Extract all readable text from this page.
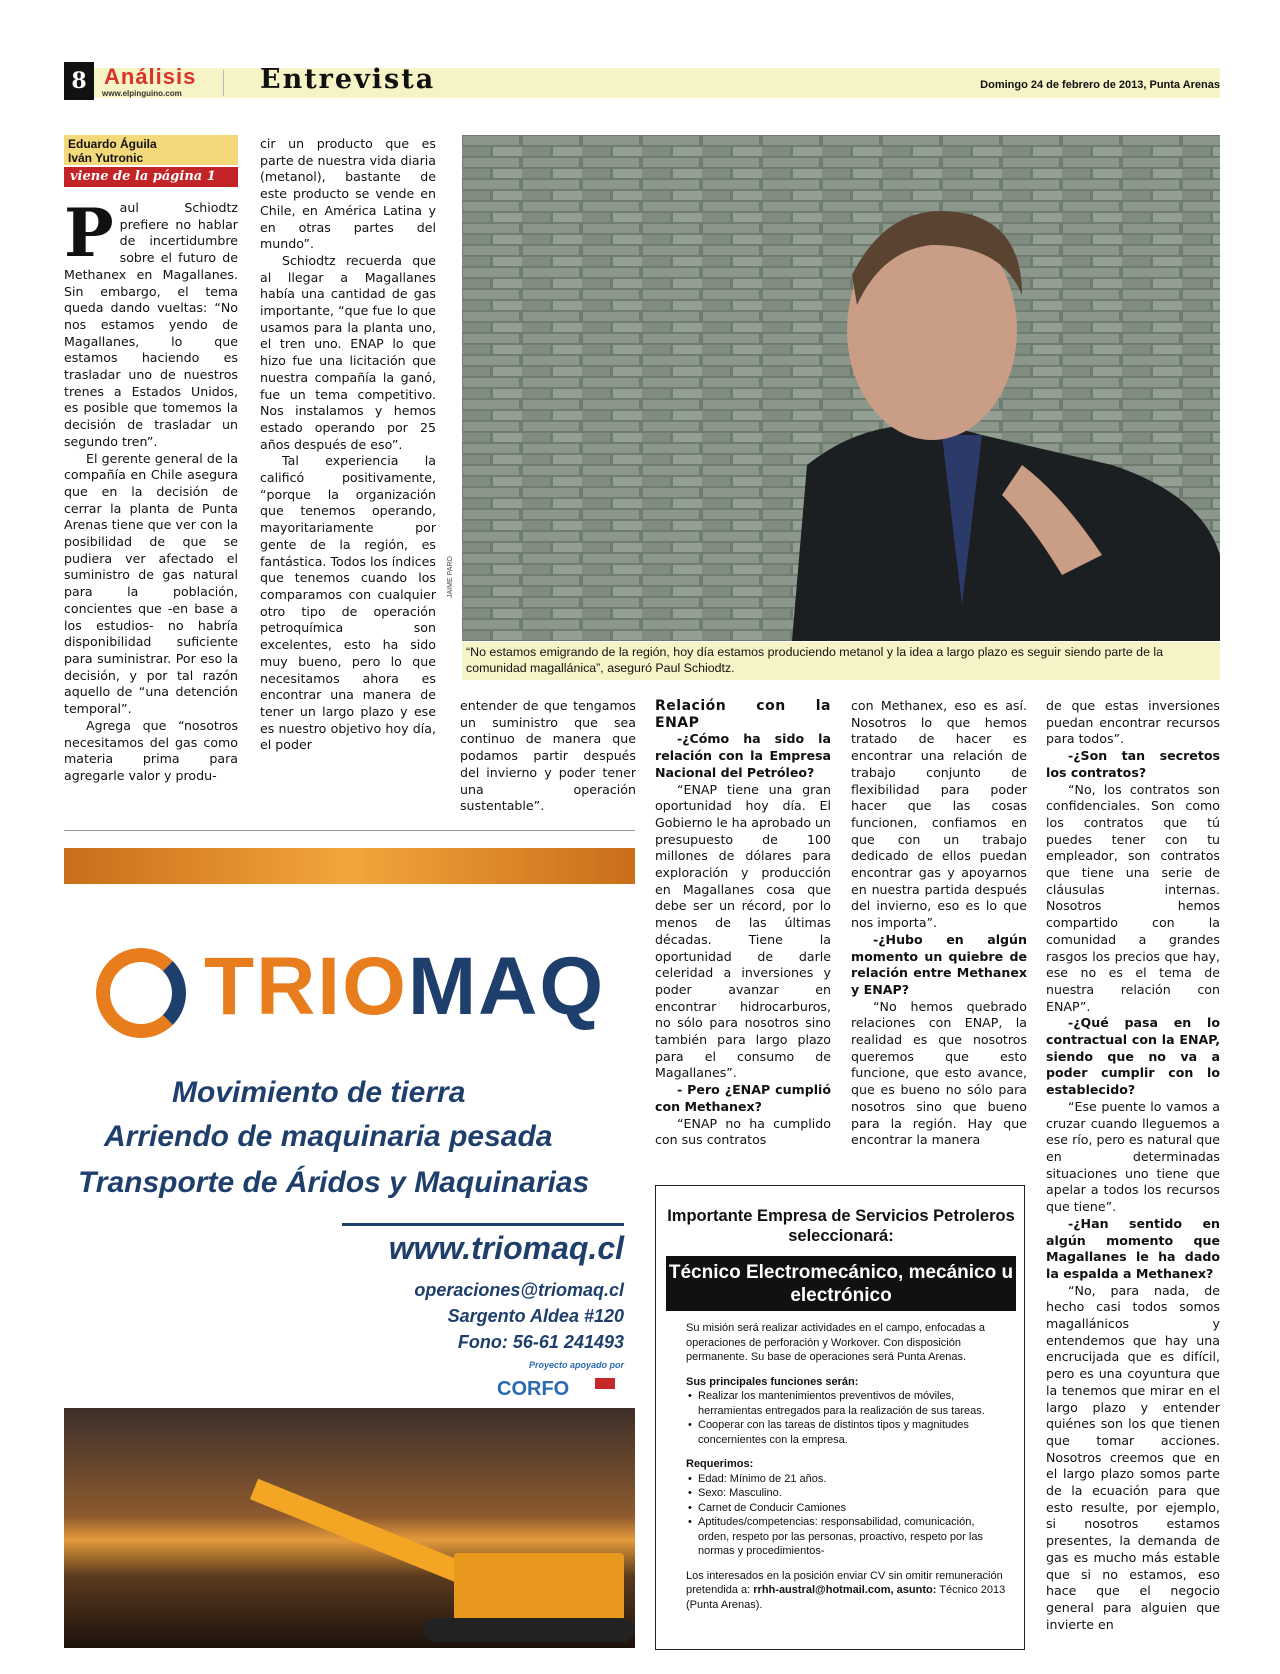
8 Análisis
www.elpinguino.com	Entrevista	Domingo 24 de febrero de 2013, Punta Arenas
Eduardo Águila
Iván Yutronic
viene de la página 1

Paul Schiodtz prefiere no hablar de incertidumbre sobre el futuro de Methanex en Magallanes. Sin embargo, el tema queda dando vueltas: “No nos estamos yendo de Magallanes, lo que estamos haciendo es trasladar uno de nuestros trenes a Estados Unidos, es posible que tomemos la decisión de trasladar un segundo tren”.

El gerente general de la compañía en Chile asegura que en la decisión de cerrar la planta de Punta Arenas tiene que ver con la posibilidad de que se pudiera ver afectado el suministro de gas natural para la población, concientes que -en base a los estudios- no habría disponibilidad suficiente para suministrar. Por eso la decisión, y por tal razón aquello de “una detención temporal”.

Agrega que “nosotros necesitamos del gas como materia prima para agregarle valor y produ-

cir un producto que es parte de nuestra vida diaria (metanol), bastante de este producto se vende en Chile, en América Latina y en otras partes del mundo”.

Schiodtz recuerda que al llegar a Magallanes había una cantidad de gas importante, “que fue lo que usamos para la planta uno, el tren uno. ENAP lo que hizo fue una licitación que nuestra compañía la ganó, fue un tema competitivo. Nos instalamos y hemos estado operando por 25 años después de eso”.

Tal experiencia la calificó positivamente, “porque la organización que tenemos operando, mayoritariamente por gente de la región, es fantástica. Todos los índices que tenemos cuando los comparamos con cualquier otro tipo de operación petroquímica son excelentes, esto ha sido muy bueno, pero lo que necesitamos ahora es encontrar una manera de tener un largo plazo y ese es nuestro objetivo hoy día, el poder

JAIME PARO
“No estamos emigrando de la región, hoy día estamos produciendo metanol y la idea a largo plazo es seguir siendo parte de la comunidad magallánica”, aseguró Paul Schiodtz.

entender de que tengamos un suministro que sea continuo de manera que podamos partir después del invierno y poder tener una operación sustentable”.

Relación con la ENAP

-¿Cómo ha sido la relación con la Empresa Nacional del Petróleo?

“ENAP tiene una gran oportunidad hoy día. El Gobierno le ha aprobado un presupuesto de 100 millones de dólares para exploración y producción en Magallanes cosa que debe ser un récord, por lo menos de las últimas décadas. Tiene la oportunidad de darle celeridad a inversiones y poder avanzar en encontrar hidrocarburos, no sólo para nosotros sino también para largo plazo para el consumo de Magallanes”.

- Pero ¿ENAP cumplió con Methanex?

“ENAP no ha cumplido con sus contratos

con Methanex, eso es así. Nosotros lo que hemos tratado de hacer es encontrar una relación de trabajo conjunto de flexibilidad para poder hacer que las cosas funcionen, confiamos en que con un trabajo dedicado de ellos puedan encontrar gas y apoyarnos en nuestra partida después del invierno, eso es lo que nos importa”.

-¿Hubo en algún momento un quiebre de relación entre Methanex y ENAP?

“No hemos quebrado relaciones con ENAP, la realidad es que nosotros queremos que esto funcione, que esto avance, que es bueno no sólo para nosotros sino que bueno para la región. Hay que encontrar la manera

de que estas inversiones puedan encontrar recursos para todos”.

-¿Son tan secretos los contratos?

“No, los contratos son confidenciales. Son como los contratos que tú puedes tener con tu empleador, son contratos que tiene una serie de cláusulas internas. Nosotros hemos compartido con la comunidad a grandes rasgos los precios que hay, ese no es el tema de nuestra relación con ENAP”.

-¿Qué pasa en lo contractual con la ENAP, siendo que no va a poder cumplir con lo establecido?

“Ese puente lo vamos a cruzar cuando lleguemos a ese río, pero es natural que en determinadas situaciones uno tiene que apelar a todos los recursos que tiene”.

-¿Han sentido en algún momento que Magallanes le ha dado la espalda a Methanex?

“No, para nada, de hecho casi todos somos magallánicos y entendemos que hay una encrucijada que es difícil, pero es una coyuntura que la tenemos que mirar en el largo plazo y entender quiénes son los que tienen que tomar acciones. Nosotros creemos que en el largo plazo somos parte de la ecuación para que esto resulte, por ejemplo, si nosotros estamos presentes, la demanda de gas es mucho más estable que si no estamos, eso hace que el negocio general para alguien que invierte en

TRIOMAQ
Movimiento de tierra
Arriendo de maquinaria pesada
Transporte de Áridos y Maquinarias
www.triomaq.cl
operaciones@triomaq.cl
Sargento Aldea #120
Fono: 56-61 241493
Proyecto apoyado por
CORFO
Importante Empresa de Servicios Petroleros seleccionará:
Técnico Electromecánico, mecánico u electrónico

Su misión será realizar actividades en el campo, enfocadas a operaciones de perforación y Workover. Con disposición permanente. Su base de operaciones será Punta Arenas.

Sus principales funciones serán:
• Realizar los mantenimientos preventivos de móviles, herramientas entregados para la realización de sus tareas.
• Cooperar con las tareas de distintos tipos y magnitudes concernientes con la empresa.
Requerimos:
• Edad: Mínimo de 21 años.
• Sexo: Masculino.
• Carnet de Conducir Camiones
• Aptitudes/competencias: responsabilidad, comunicación, orden, respeto por las personas, proactivo, respeto por las normas y procedimientos-

Los interesados en la posición enviar CV sin omitir remuneración pretendida a: rrhh-austral@hotmail.com, asunto: Técnico 2013 (Punta Arenas).
